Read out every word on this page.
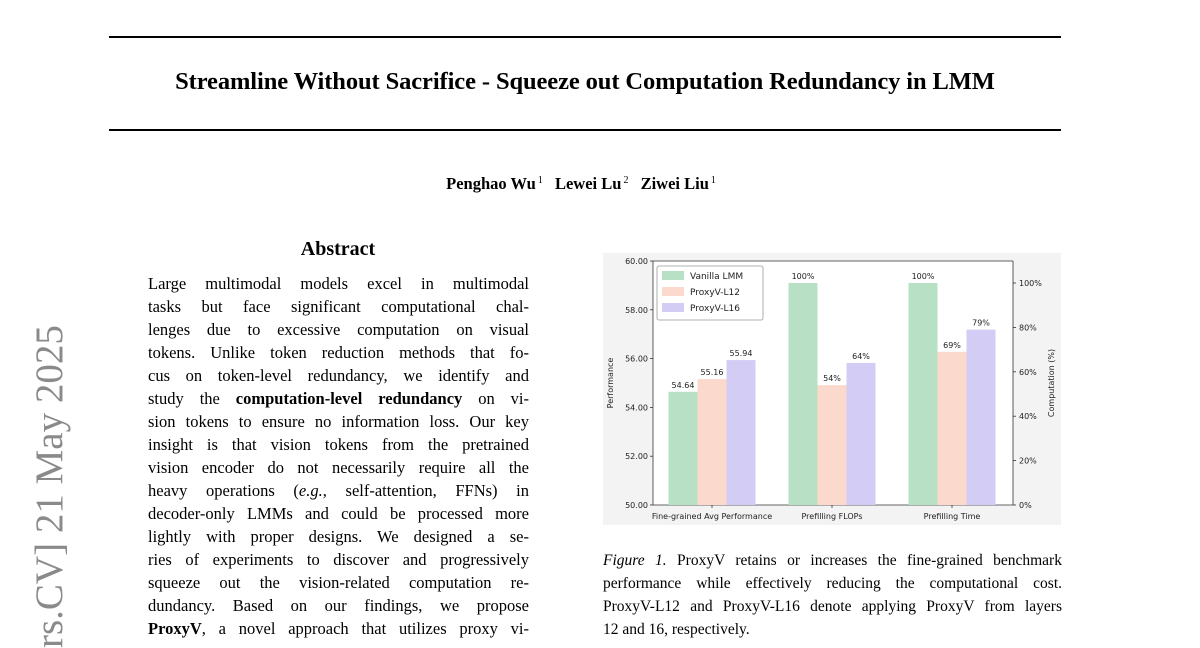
Streamline Without Sacrifice - Squeeze out Computation Redundancy in LMM
Penghao Wu $^1$ Lewei Lu $^2$ Ziwei Liu $^1$
rs.CV] 21 May 2025
Abstract
Large multimodal models excel in multimodal
tasks but face significant computational chal-
lenges due to excessive computation on visual
tokens. Unlike token reduction methods that fo-
cus on token-level redundancy, we identify and
study the computation-level redundancy on vi-
sion tokens to ensure no information loss. Our key
insight is that vision tokens from the pretrained
vision encoder do not necessarily require all the
heavy operations (e.g., self-attention, FFNs) in
decoder-only LMMs and could be processed more
lightly with proper designs. We designed a se-
ries of experiments to discover and progressively
squeeze out the vision-related computation re-
dundancy. Based on our findings, we propose
ProxyV, a novel approach that utilizes proxy vi-
50.00
52.00
54.00
56.00
58.00
60.00
0%
20%
40%
60%
80%
100%
Performance	Computation (%)
Fine-grained Avg Performance
54.64
55.16
55.94
Prefilling FLOPs
100%
54%
64%
Prefilling Time
100%
69%
79%
Vanilla LMM
ProxyV-L12
ProxyV-L16
Figure 1. ProxyV retains or increases the fine-grained benchmark
performance while effectively reducing the computational cost.
ProxyV-L12 and ProxyV-L16 denote applying ProxyV from layers
12 and 16, respectively.
